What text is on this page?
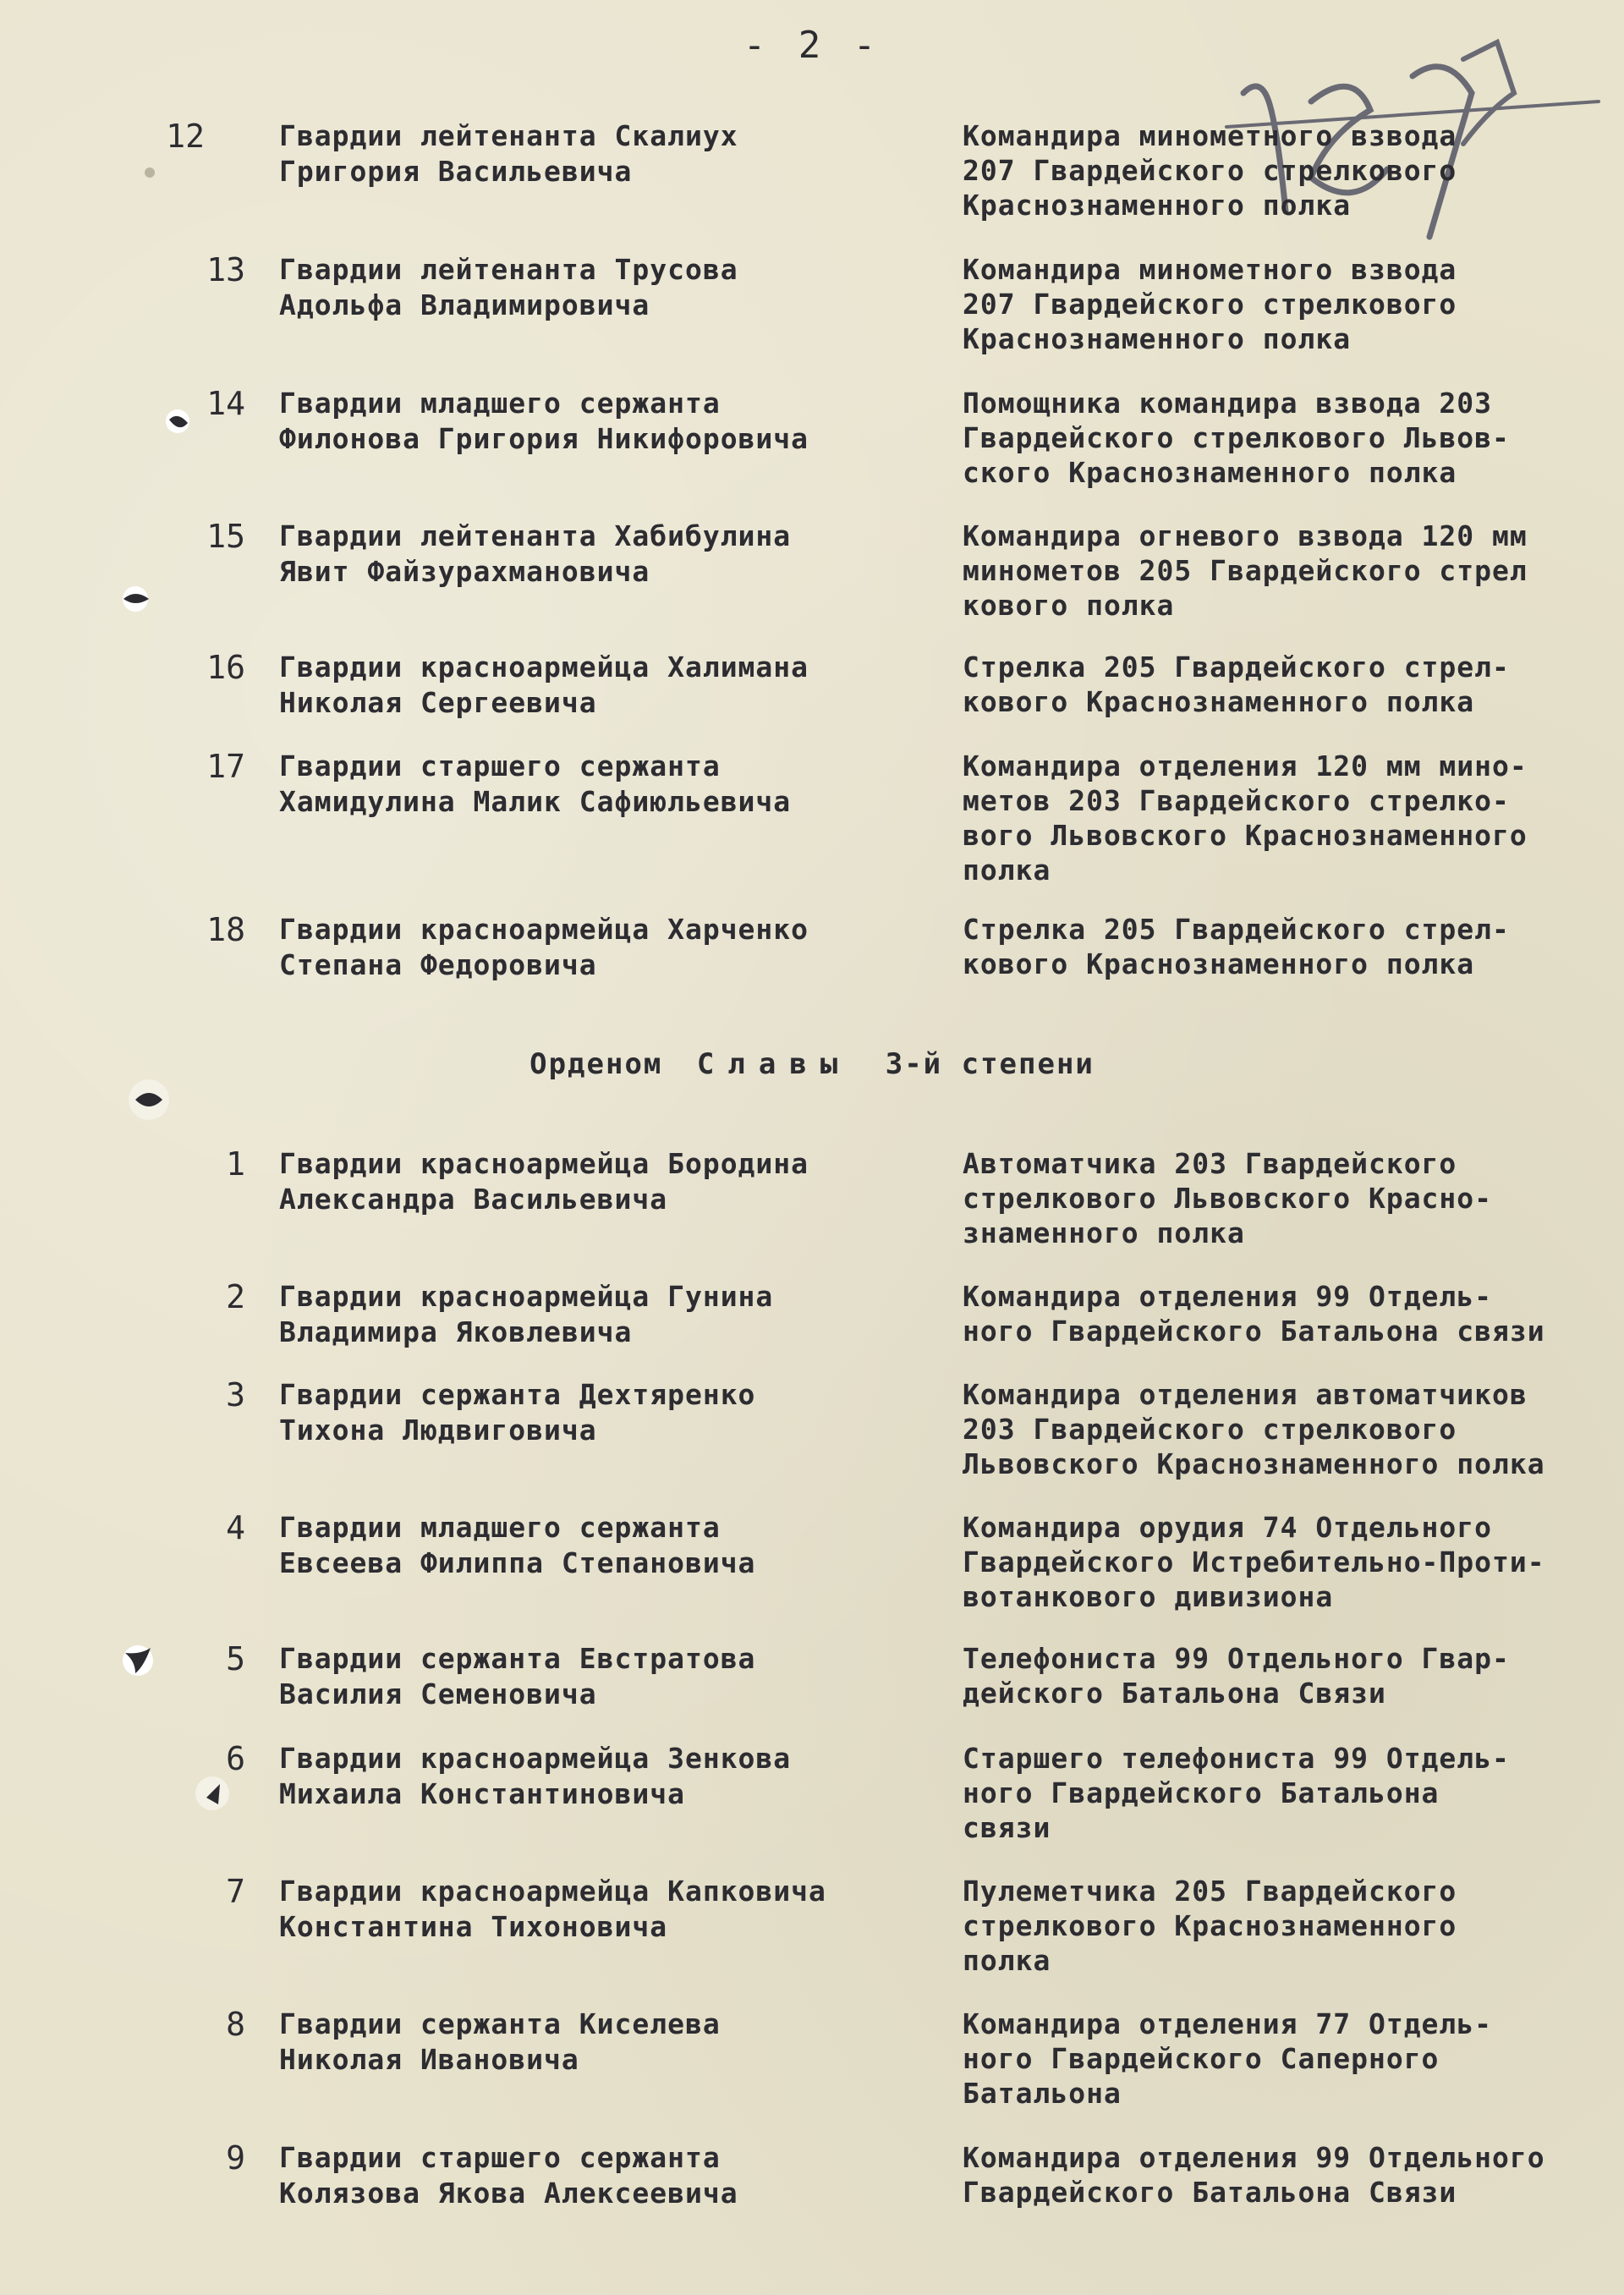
- 2 -
12	Гвардии лейтенанта Скалиух
Григория Васильевича
Командира минометного взвода
207 Гвардейского стрелкового
Краснознаменного полка
13 Гвардии лейтенанта Трусова
Адольфа Владимировича
Командира минометного взвода
207 Гвардейского стрелкового
Краснознаменного полка
14 Гвардии младшего сержанта
Филонова Григория Никифоровича
Помощника командира взвода 203
Гвардейского стрелкового Львов-
ского Краснознаменного полка
15 Гвардии лейтенанта Хабибулина
Явит Файзурахмановича
Командира огневого взвода 120 мм
минометов 205 Гвардейского стрел
кового полка
16 Гвардии красноармейца Халимана
Николая Сергеевича
Стрелка 205 Гвардейского стрел-
кового Краснознаменного полка
17 Гвардии старшего сержанта
Хамидулина Малик Сафиюльевича
Командира отделения 120 мм мино-
метов 203 Гвардейского стрелко-
вого Львовского Краснознаменного
полка
18 Гвардии красноармейца Харченко
Степана Федоровича
Стрелка 205 Гвардейского стрел-
кового Краснознаменного полка
Орденом Славы 3-й степени
1 Гвардии красноармейца Бородина
Александра Васильевича
Автоматчика 203 Гвардейского
стрелкового Львовского Красно-
знаменного полка
2 Гвардии красноармейца Гунина
Владимира Яковлевича
Командира отделения 99 Отдель-
ного Гвардейского Батальона связи
3 Гвардии сержанта Дехтяренко
Тихона Людвиговича
Командира отделения автоматчиков
203 Гвардейского стрелкового
Львовского Краснознаменного полка
4 Гвардии младшего сержанта
Евсеева Филиппа Степановича
Командира орудия 74 Отдельного
Гвардейского Истребительно-Проти-
вотанкового дивизиона
5 Гвардии сержанта Евстратова
Василия Семеновича
Телефониста 99 Отдельного Гвар-
дейского Батальона Связи
6 Гвардии красноармейца Зенкова
Михаила Константиновича
Старшего телефониста 99 Отдель-
ного Гвардейского Батальона
связи
7 Гвардии красноармейца Капковича
Константина Тихоновича
Пулеметчика 205 Гвардейского
стрелкового Краснознаменного
полка
8 Гвардии сержанта Киселева
Николая Ивановича
Командира отделения 77 Отдель-
ного Гвардейского Саперного
Батальона
9 Гвардии старшего сержанта
Колязова Якова Алексеевича
Командира отделения 99 Отдельного
Гвардейского Батальона Связи
